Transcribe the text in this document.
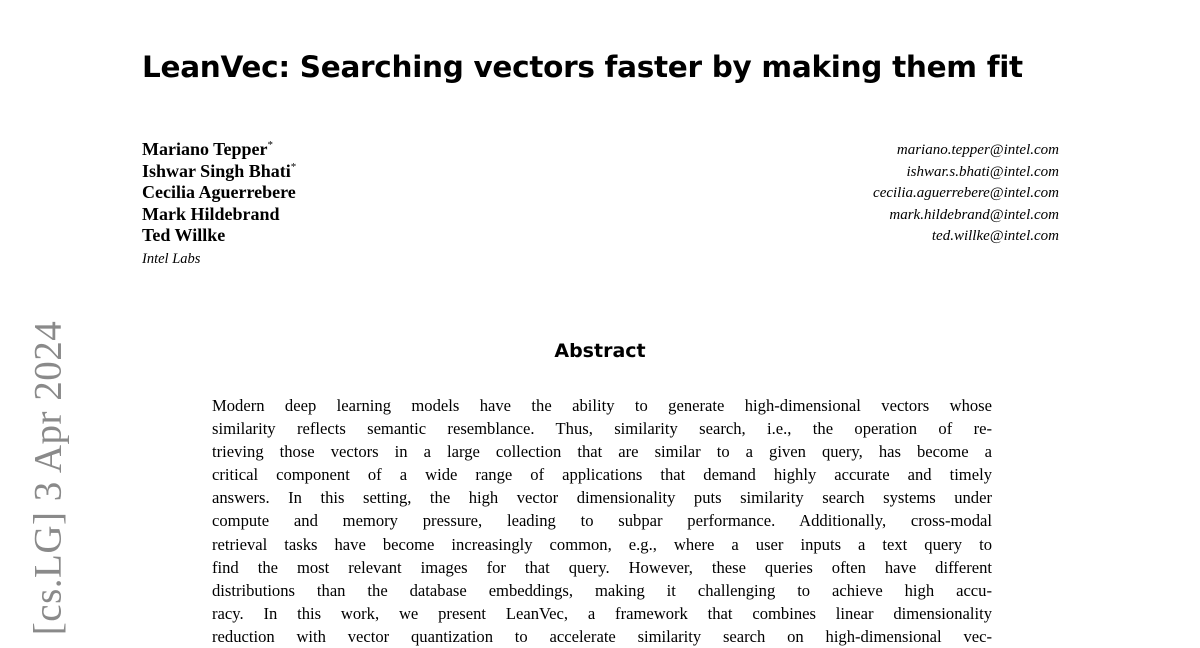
[cs.LG] 3 Apr 2024
LeanVec: Searching vectors faster by making them fit
Mariano Tepper*
Ishwar Singh Bhati*
Cecilia Aguerrebere
Mark Hildebrand
Ted Willke
Intel Labs
mariano.tepper@intel.com
ishwar.s.bhati@intel.com
cecilia.aguerrebere@intel.com
mark.hildebrand@intel.com
ted.willke@intel.com
Abstract
Modern deep learning models have the ability to generate high-dimensional vectors whose
similarity reflects semantic resemblance. Thus, similarity search, i.e., the operation of re-
trieving those vectors in a large collection that are similar to a given query, has become a
critical component of a wide range of applications that demand highly accurate and timely
answers. In this setting, the high vector dimensionality puts similarity search systems under
compute and memory pressure, leading to subpar performance. Additionally, cross-modal
retrieval tasks have become increasingly common, e.g., where a user inputs a text query to
find the most relevant images for that query. However, these queries often have different
distributions than the database embeddings, making it challenging to achieve high accu-
racy. In this work, we present LeanVec, a framework that combines linear dimensionality
reduction with vector quantization to accelerate similarity search on high-dimensional vec-
